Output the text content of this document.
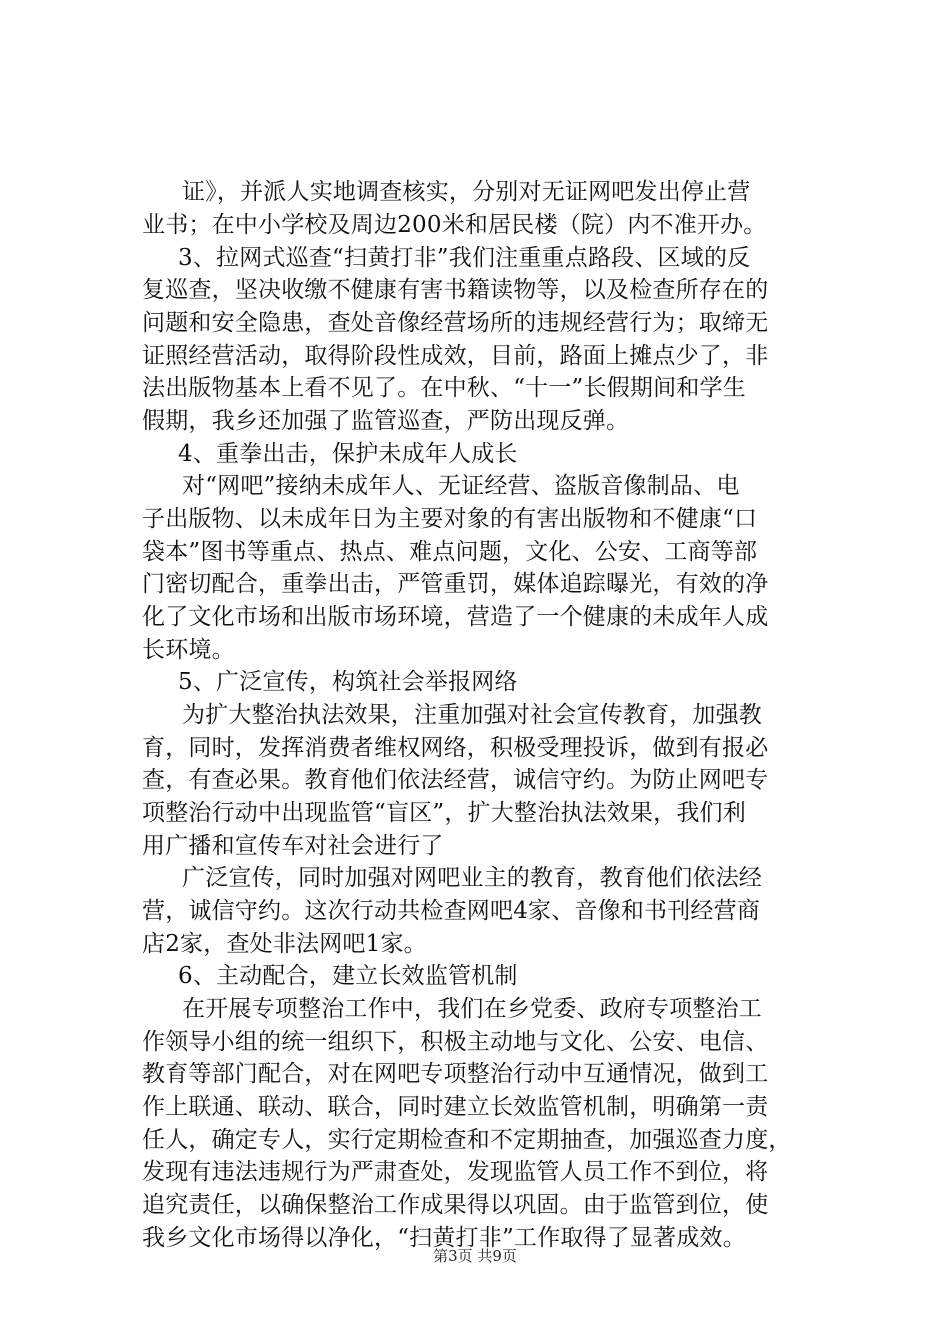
证》，并派人实地调查核实，分别对无证网吧发出停止营
业书；在中小学校及周边200米和居民楼（院）内不准开办。
3、拉网式巡查“扫黄打非”我们注重重点路段、区域的反
复巡查，坚决收缴不健康有害书籍读物等，以及检查所存在的
问题和安全隐患，查处音像经营场所的违规经营行为；取缔无
证照经营活动，取得阶段性成效，目前，路面上摊点少了，非
法出版物基本上看不见了。在中秋、“十一”长假期间和学生
假期，我乡还加强了监管巡查，严防出现反弹。
4、重拳出击，保护未成年人成长
对“网吧”接纳未成年人、无证经营、盗版音像制品、电
子出版物、以未成年日为主要对象的有害出版物和不健康“口
袋本”图书等重点、热点、难点问题，文化、公安、工商等部
门密切配合，重拳出击，严管重罚，媒体追踪曝光，有效的净
化了文化市场和出版市场环境，营造了一个健康的未成年人成
长环境。
5、广泛宣传，构筑社会举报网络
为扩大整治执法效果，注重加强对社会宣传教育，加强教
育，同时，发挥消费者维权网络，积极受理投诉，做到有报必
查，有查必果。教育他们依法经营，诚信守约。为防止网吧专
项整治行动中出现监管“盲区”，扩大整治执法效果，我们利
用广播和宣传车对社会进行了
广泛宣传，同时加强对网吧业主的教育，教育他们依法经
营，诚信守约。这次行动共检查网吧4家、音像和书刊经营商
店2家，查处非法网吧1家。
6、主动配合，建立长效监管机制
在开展专项整治工作中，我们在乡党委、政府专项整治工
作领导小组的统一组织下，积极主动地与文化、公安、电信、
教育等部门配合，对在网吧专项整治行动中互通情况，做到工
作上联通、联动、联合，同时建立长效监管机制，明确第一责
任人，确定专人，实行定期检查和不定期抽查，加强巡查力度，
发现有违法违规行为严肃查处，发现监管人员工作不到位，将
追究责任，以确保整治工作成果得以巩固。由于监管到位，使
我乡文化市场得以净化，“扫黄打非”工作取得了显著成效。
第3页 共9页
